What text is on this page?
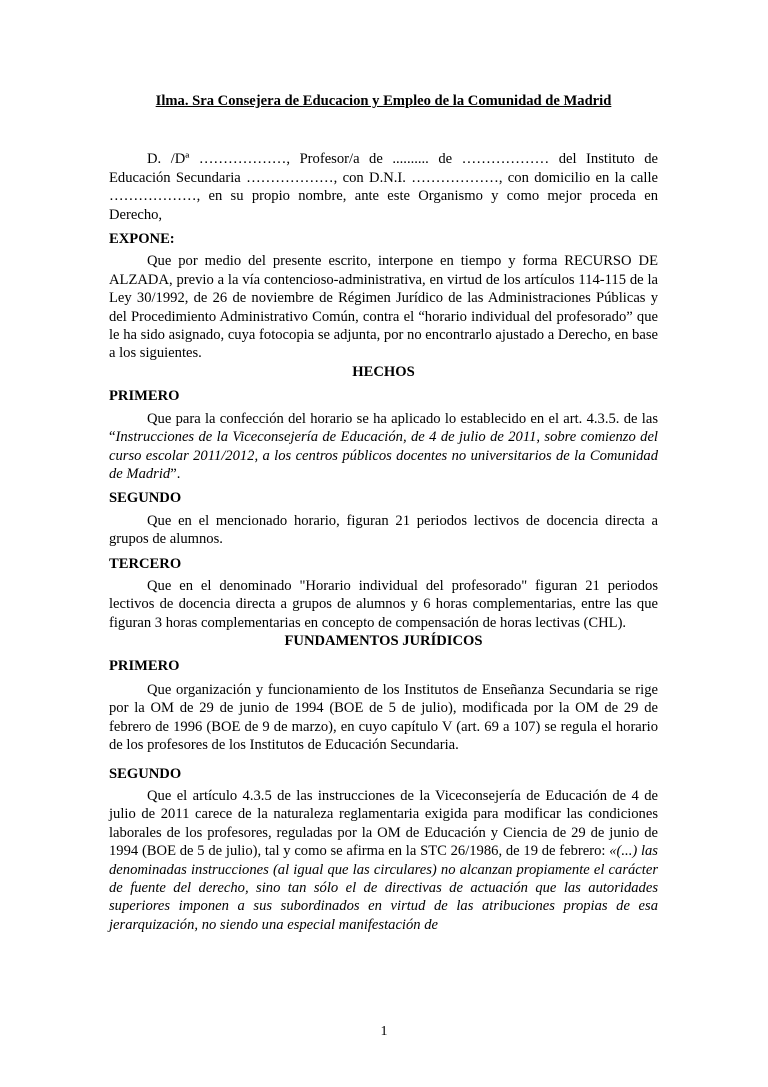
Ilma. Sra Consejera de Educacion y Empleo de la Comunidad de Madrid

D. /Dª ………………, Profesor/a de .......... de ……………… del Instituto de Educación Secundaria ………………, con D.N.I. ………………, con domicilio en la calle ………………, en su propio nombre, ante este Organismo y como mejor proceda en Derecho,

EXPONE:

Que por medio del presente escrito, interpone en tiempo y forma RECURSO DE ALZADA, previo a la vía contencioso-administrativa, en virtud de los artículos 114-115 de la Ley 30/1992, de 26 de noviembre de Régimen Jurídico de las Administraciones Públicas y del Procedimiento Administrativo Común, contra el “horario individual del profesorado” que le ha sido asignado, cuya fotocopia se adjunta, por no encontrarlo ajustado a Derecho, en base a los siguientes.

HECHOS

PRIMERO

Que para la confección del horario se ha aplicado lo establecido en el art. 4.3.5. de las “Instrucciones de la Viceconsejería de Educación, de 4 de julio de 2011, sobre comienzo del curso escolar 2011/2012, a los centros públicos docentes no universitarios de la Comunidad de Madrid”.

SEGUNDO

Que en el mencionado horario, figuran 21 periodos lectivos de docencia directa a grupos de alumnos.

TERCERO

Que en el denominado "Horario individual del profesorado" figuran 21 periodos lectivos de docencia directa a grupos de alumnos y 6 horas complementarias, entre las que figuran 3 horas complementarias en concepto de compensación de horas lectivas (CHL).

FUNDAMENTOS JURÍDICOS

PRIMERO

Que organización y funcionamiento de los Institutos de Enseñanza Secundaria se rige por la OM de 29 de junio de 1994 (BOE de 5 de julio), modificada por la OM de 29 de febrero de 1996 (BOE de 9 de marzo), en cuyo capítulo V (art. 69 a 107) se regula el horario de los profesores de los Institutos de Educación Secundaria.

SEGUNDO

Que el artículo 4.3.5 de las instrucciones de la Viceconsejería de Educación de 4 de julio de 2011 carece de la naturaleza reglamentaria exigida para modificar las condiciones laborales de los profesores, reguladas por la OM de Educación y Ciencia de 29 de junio de 1994 (BOE de 5 de julio), tal y como se afirma en la STC 26/1986, de 19 de febrero: «(...) las denominadas instrucciones (al igual que las circulares) no alcanzan propiamente el carácter de fuente del derecho, sino tan sólo el de directivas de actuación que las autoridades superiores imponen a sus subordinados en virtud de las atribuciones propias de esa jerarquización, no siendo una especial manifestación de

1
